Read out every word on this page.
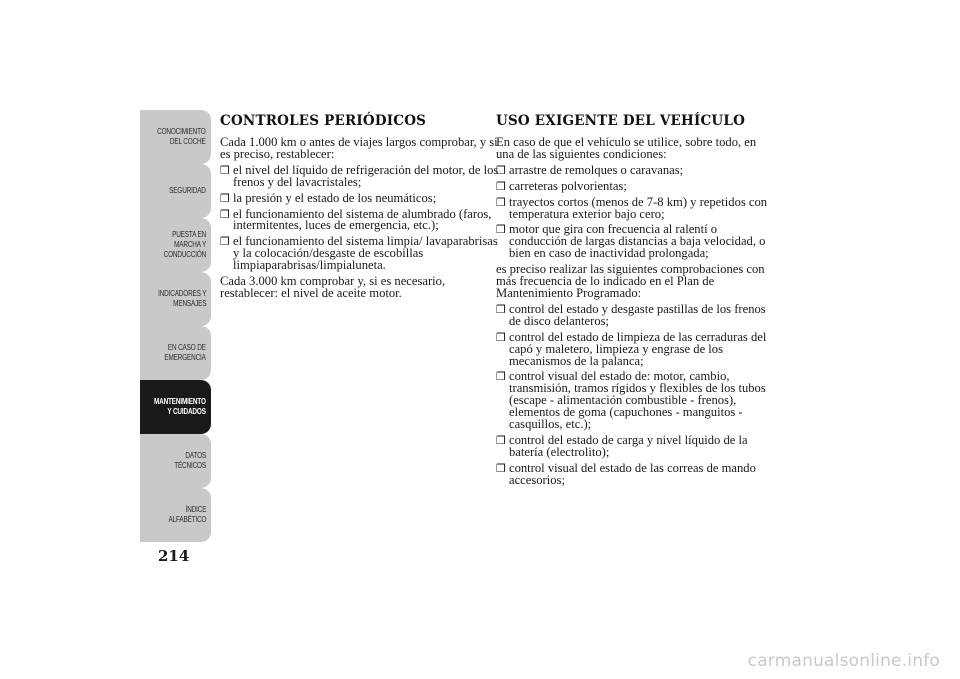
CONOCIMIENTO
DEL COCHE
SEGURIDAD
PUESTA EN
MARCHA Y
CONDUCCIÓN
INDICADORES Y
MENSAJES
EN CASO DE
EMERGENCIA
MANTENIMIENTO
Y CUIDADOS
DATOS TÉCNICOS
ÍNDICE
ALFABÉTICO
214
CONTROLES PERIÓDICOS

Cada 1.000 km o antes de viajes largos comprobar, y si es preciso, restablecer:

❒ el nivel del líquido de refrigeración del motor, de los frenos y del lavacristales;
❒ la presión y el estado de los neumáticos;
❒ el funcionamiento del sistema de alumbrado (faros, intermitentes, luces de emergencia, etc.);
❒ el funcionamiento del sistema limpia/ lavaparabrisas y la colocación/desgaste de escobillas limpiaparabrisas/limpialuneta.

Cada 3.000 km comprobar y, si es necesario, restablecer: el nivel de aceite motor.

USO EXIGENTE DEL VEHÍCULO

En caso de que el vehículo se utilice, sobre todo, en una de las siguientes condiciones:

❒ arrastre de remolques o caravanas;
❒ carreteras polvorientas;
❒ trayectos cortos (menos de 7-8 km) y repetidos con temperatura exterior bajo cero;
❒ motor que gira con frecuencia al ralentí o conducción de largas distancias a baja velocidad, o bien en caso de inactividad prolongada;

es preciso realizar las siguientes comprobaciones con más frecuencia de lo indicado en el Plan de Mantenimiento Programado:

❒ control del estado y desgaste pastillas de los frenos de disco delanteros;
❒ control del estado de limpieza de las cerraduras del capó y maletero, limpieza y engrase de los mecanismos de la palanca;
❒ control visual del estado de: motor, cambio, transmisión, tramos rígidos y flexibles de los tubos (escape - alimentación combustible - frenos), elementos de goma (capuchones - manguitos - casquillos, etc.);
❒ control del estado de carga y nivel líquido de la batería (electrolito);
❒ control visual del estado de las correas de mando accesorios;
carmanualsonline.info
